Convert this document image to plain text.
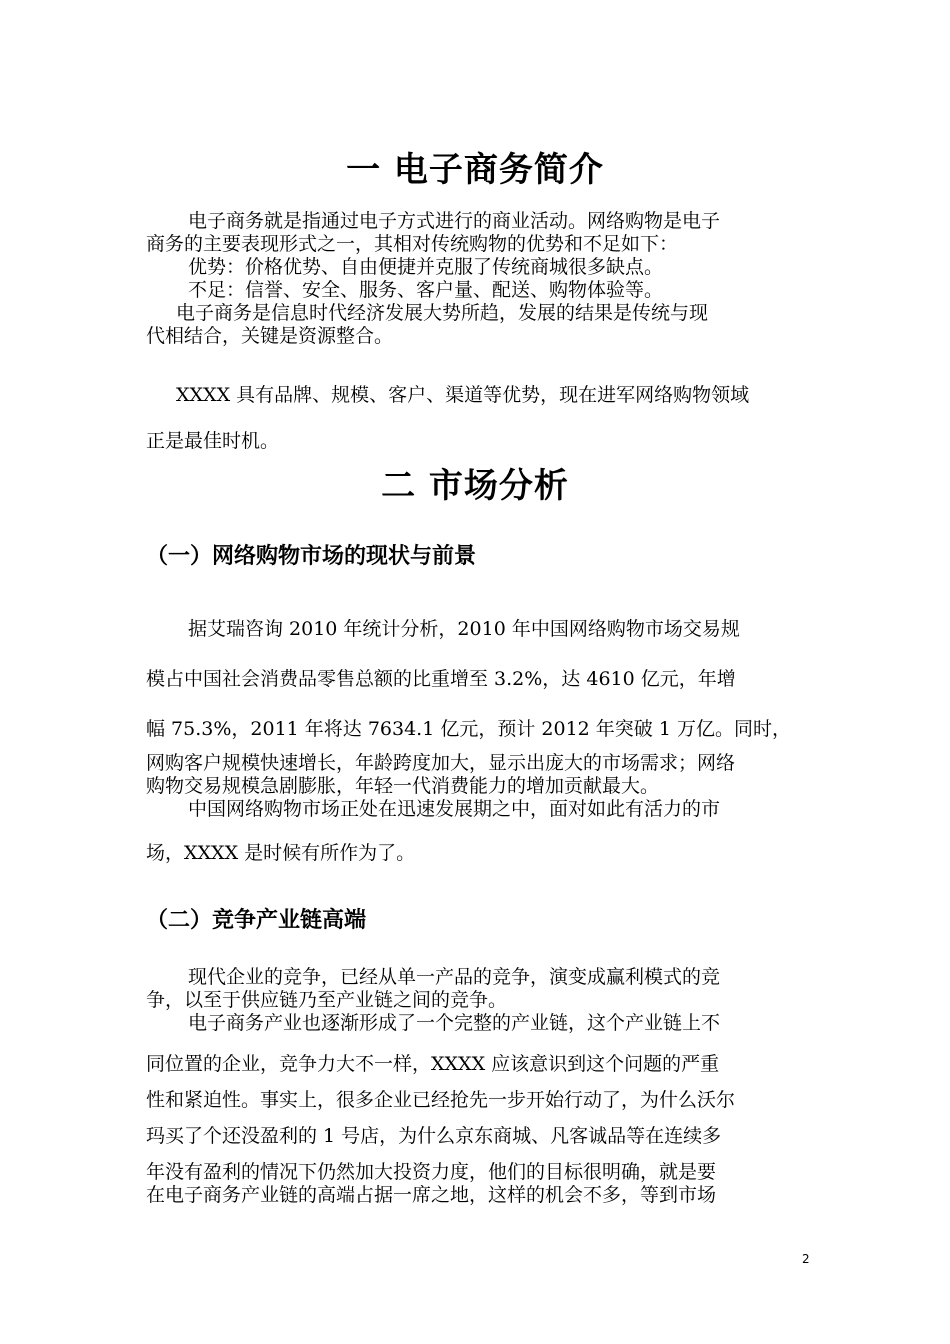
一 电子商务简介
电子商务就是指通过电子方式进行的商业活动。网络购物是电子
商务的主要表现形式之一，其相对传统购物的优势和不足如下：
优势：价格优势、自由便捷并克服了传统商城很多缺点。
不足：信誉、安全、服务、客户量、配送、购物体验等。
电子商务是信息时代经济发展大势所趋，发展的结果是传统与现
代相结合，关键是资源整合。
XXXX 具有品牌、规模、客户、渠道等优势，现在进军网络购物领域
正是最佳时机。
二 市场分析
（一）网络购物市场的现状与前景
据艾瑞咨询 2010 年统计分析，2010 年中国网络购物市场交易规
模占中国社会消费品零售总额的比重增至 3.2%，达 4610 亿元，年增
幅 75.3%，2011 年将达 7634.1 亿元，预计 2012 年突破 1 万亿。同时，
网购客户规模快速增长，年龄跨度加大，显示出庞大的市场需求；网络
购物交易规模急剧膨胀，年轻一代消费能力的增加贡献最大。
中国网络购物市场正处在迅速发展期之中，面对如此有活力的市
场，XXXX 是时候有所作为了。
（二）竞争产业链高端
现代企业的竞争，已经从单一产品的竞争，演变成赢利模式的竞
争，以至于供应链乃至产业链之间的竞争。
电子商务产业也逐渐形成了一个完整的产业链，这个产业链上不
同位置的企业，竞争力大不一样，XXXX 应该意识到这个问题的严重
性和紧迫性。事实上，很多企业已经抢先一步开始行动了，为什么沃尔
玛买了个还没盈利的 1 号店，为什么京东商城、凡客诚品等在连续多
年没有盈利的情况下仍然加大投资力度，他们的目标很明确，就是要
在电子商务产业链的高端占据一席之地，这样的机会不多，等到市场
2
